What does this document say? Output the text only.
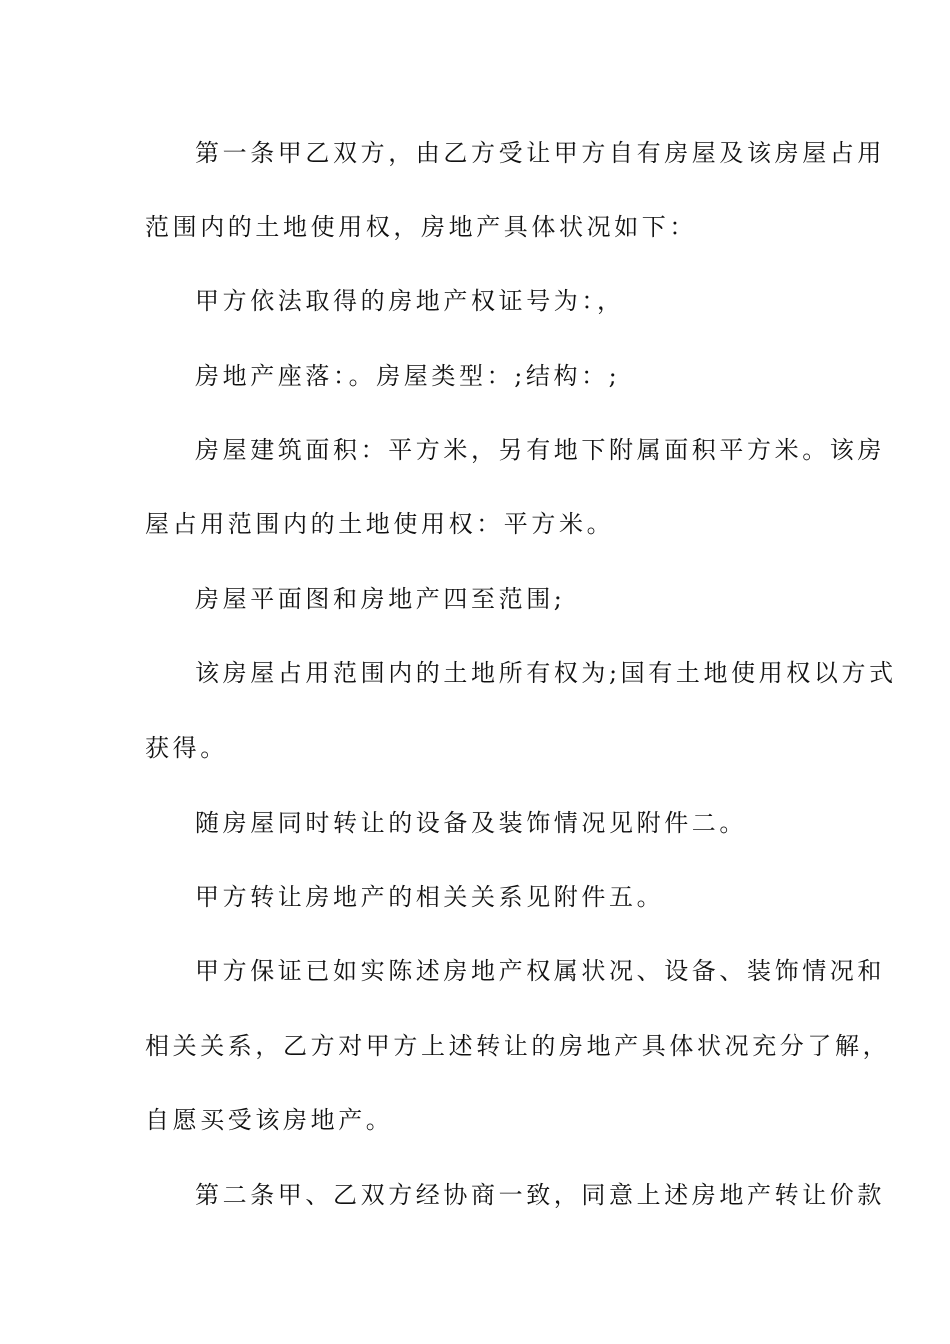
第一条甲乙双方，由乙方受让甲方自有房屋及该房屋占用
范围内的土地使用权，房地产具体状况如下：
甲方依法取得的房地产权证号为：，
房地产座落：。房屋类型：;结构：;
房屋建筑面积：平方米，另有地下附属面积平方米。该房
屋占用范围内的土地使用权：平方米。
房屋平面图和房地产四至范围;
该房屋占用范围内的土地所有权为;国有土地使用权以方式
获得。
随房屋同时转让的设备及装饰情况见附件二。
甲方转让房地产的相关关系见附件五。
甲方保证已如实陈述房地产权属状况、设备、装饰情况和
相关关系，乙方对甲方上述转让的房地产具体状况充分了解，
自愿买受该房地产。
第二条甲、乙双方经协商一致，同意上述房地产转让价款
